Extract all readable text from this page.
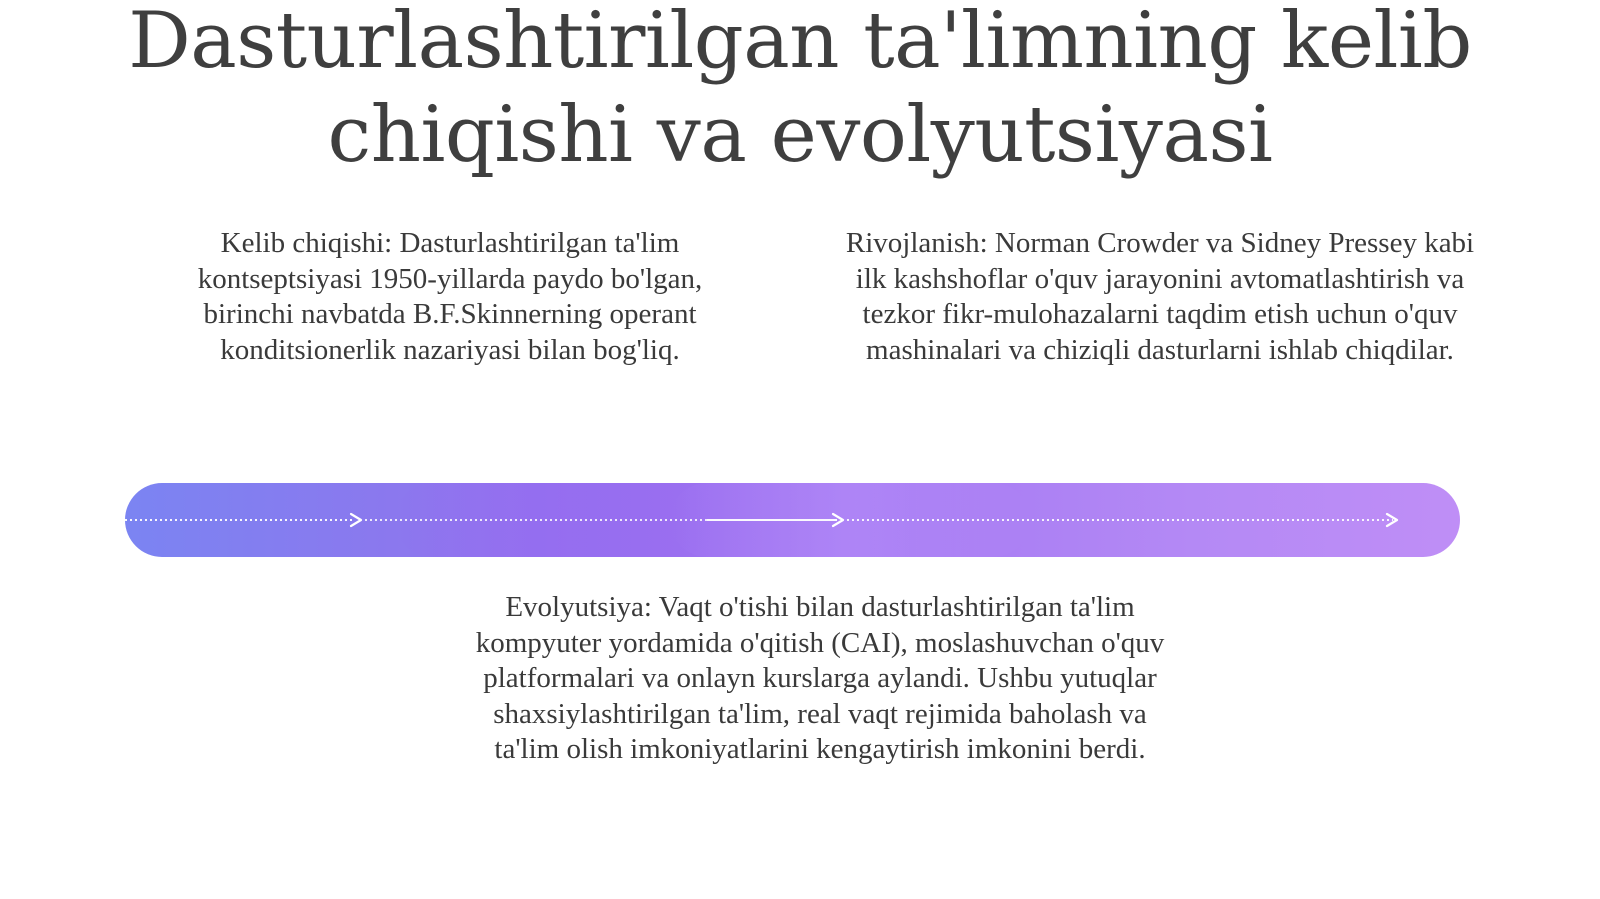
Dasturlashtirilgan ta'limning kelib chiqishi va evolyutsiyasi
Kelib chiqishi: Dasturlashtirilgan ta'lim kontseptsiyasi 1950-yillarda paydo bo'lgan, birinchi navbatda B.F.Skinnerning operant konditsionerlik nazariyasi bilan bog'liq.
Rivojlanish: Norman Crowder va Sidney Pressey kabi ilk kashshoflar o'quv jarayonini avtomatlashtirish va tezkor fikr-mulohazalarni taqdim etish uchun o'quv mashinalari va chiziqli dasturlarni ishlab chiqdilar.
Evolyutsiya: Vaqt o'tishi bilan dasturlashtirilgan ta'lim kompyuter yordamida o'qitish (CAI), moslashuvchan o'quv platformalari va onlayn kurslarga aylandi. Ushbu yutuqlar shaxsiylashtirilgan ta'lim, real vaqt rejimida baholash va ta'lim olish imkoniyatlarini kengaytirish imkonini berdi.
